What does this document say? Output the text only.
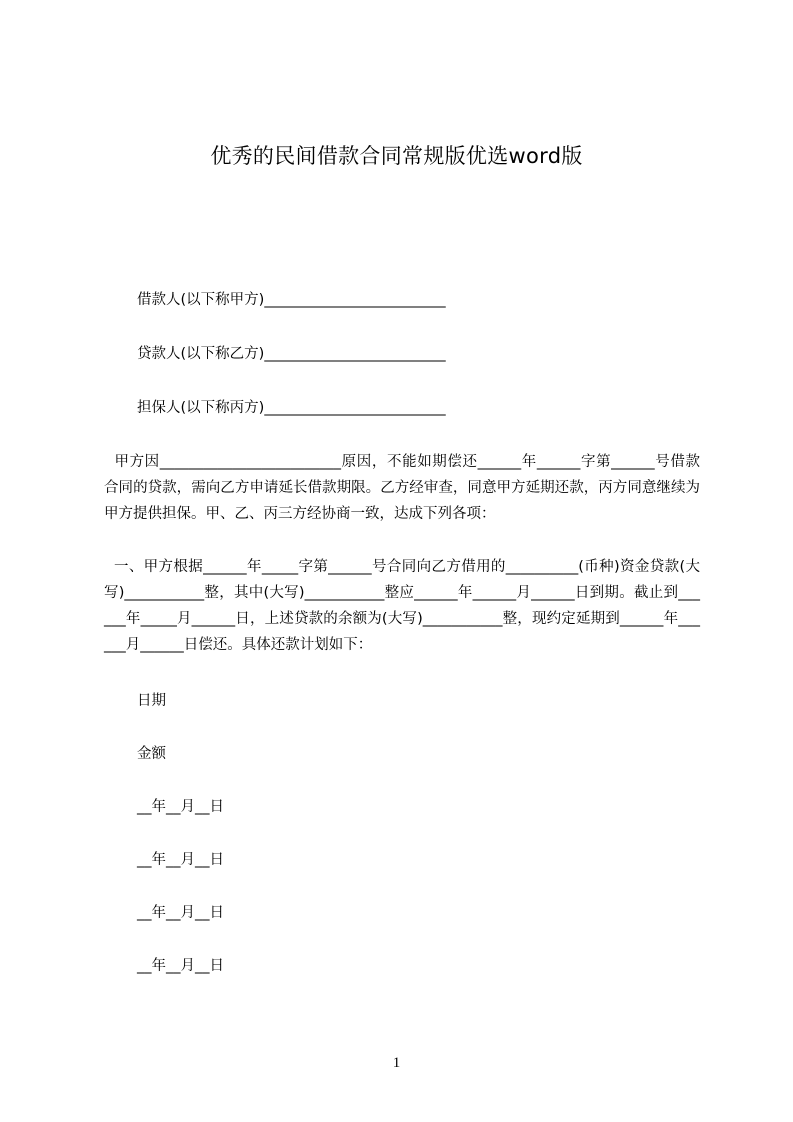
优秀的民间借款合同常规版优选word版
借款人(以下称甲方)_________________________
贷款人(以下称乙方)_________________________
担保人(以下称丙方)_________________________
甲方因_________________________原因，不能如期偿还______年______字第______号借款合同的贷款，需向乙方申请延长借款期限。乙方经审查，同意甲方延期还款，丙方同意继续为甲方提供担保。甲、乙、丙三方经协商一致，达成下列各项：
一、甲方根据______年_____字第______号合同向乙方借用的__________(币种)资金贷款(大写)___________整，其中(大写)___________整应______年______月______日到期。截止到______年_____月______日，上述贷款的余额为(大写)___________整，现约定延期到______年______月______日偿还。具体还款计划如下：
日期
金额
__年__月__日
__年__月__日
__年__月__日
__年__月__日
1
